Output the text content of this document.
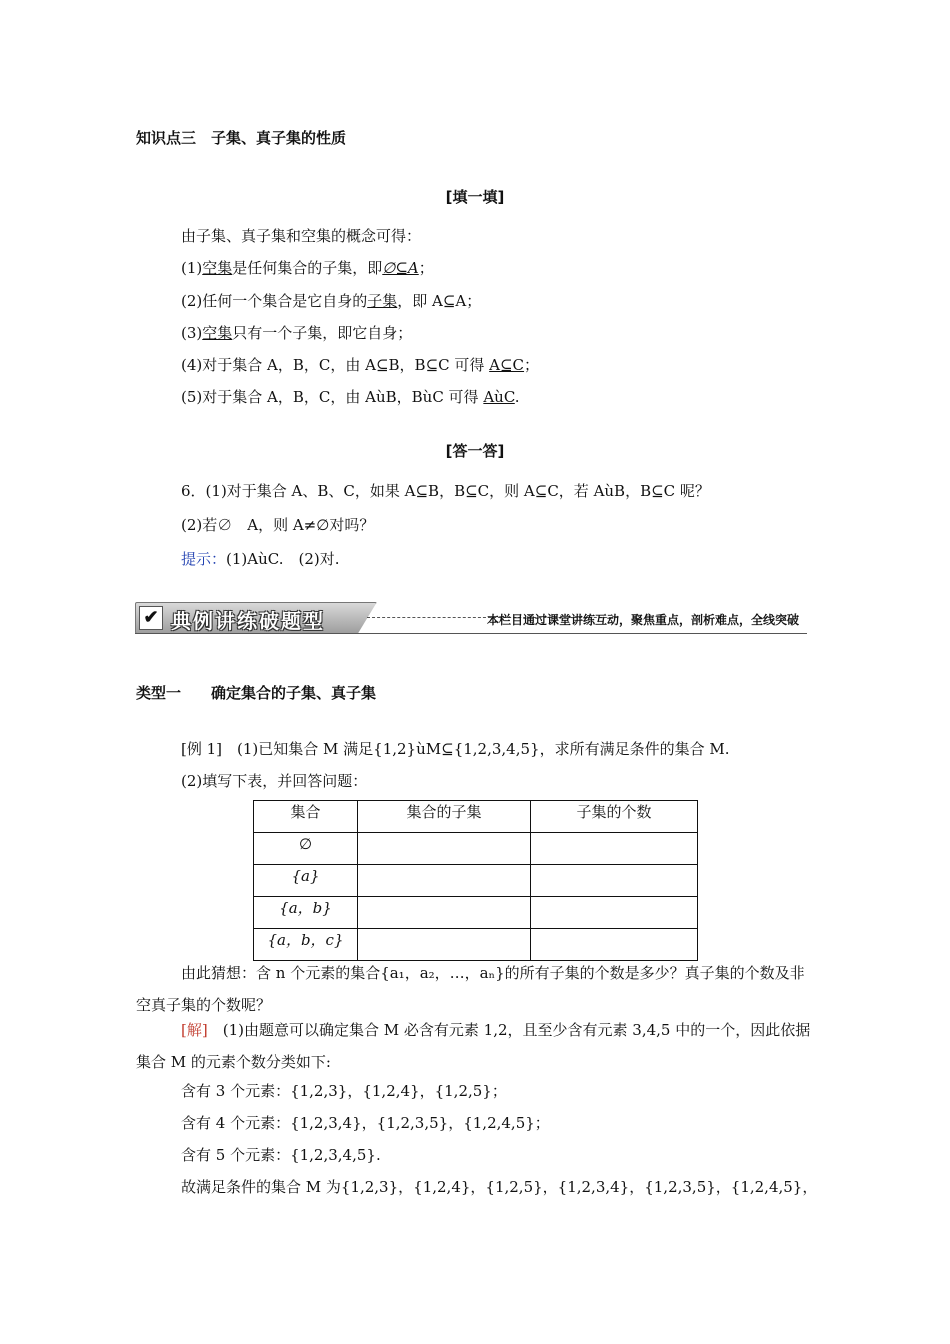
知识点三　子集、真子集的性质
[填一填]
由子集、真子集和空集的概念可得：
(1)空集是任何集合的子集，即∅⊆A；
(2)任何一个集合是它自身的子集，即 A⊆A；
(3)空集只有一个子集，即它自身；
(4)对于集合 A，B，C，由 A⊆B，B⊆C 可得 A⊆C；
(5)对于集合 A，B，C，由 AùB，BùC 可得 AùC.
[答一答]
6．(1)对于集合 A、B、C，如果 A⊆B，B⊆C，则 A⊆C，若 AùB，B⊆C 呢？
(2)若∅　A，则 A≠∅对吗？
提示：(1)AùC.　(2)对.
✔ 典例讲练破题型	本栏目通过课堂讲练互动，聚焦重点，剖析难点，全线突破
类型一　　确定集合的子集、真子集
[例 1]　(1)已知集合 M 满足{1,2}ùM⊆{1,2,3,4,5}，求所有满足条件的集合 M.
(2)填写下表，并回答问题：
集合	集合的子集	子集的个数
∅		
{a}		
{a，b}		
{a，b，c}		
由此猜想：含 n 个元素的集合{a₁，a₂，…，aₙ}的所有子集的个数是多少？真子集的个数及非空真子集的个数呢？
[解]　 (1)由题意可以确定集合 M 必含有元素 1,2，且至少含有元素 3,4,5 中的一个，因此依据集合 M 的元素个数分类如下:
含有 3 个元素：{1,2,3}，{1,2,4}，{1,2,5}；
含有 4 个元素：{1,2,3,4}，{1,2,3,5}，{1,2,4,5}；
含有 5 个元素：{1,2,3,4,5}.
故满足条件的集合 M 为{1,2,3}，{1,2,4}，{1,2,5}，{1,2,3,4}，{1,2,3,5}，{1,2,4,5}，
